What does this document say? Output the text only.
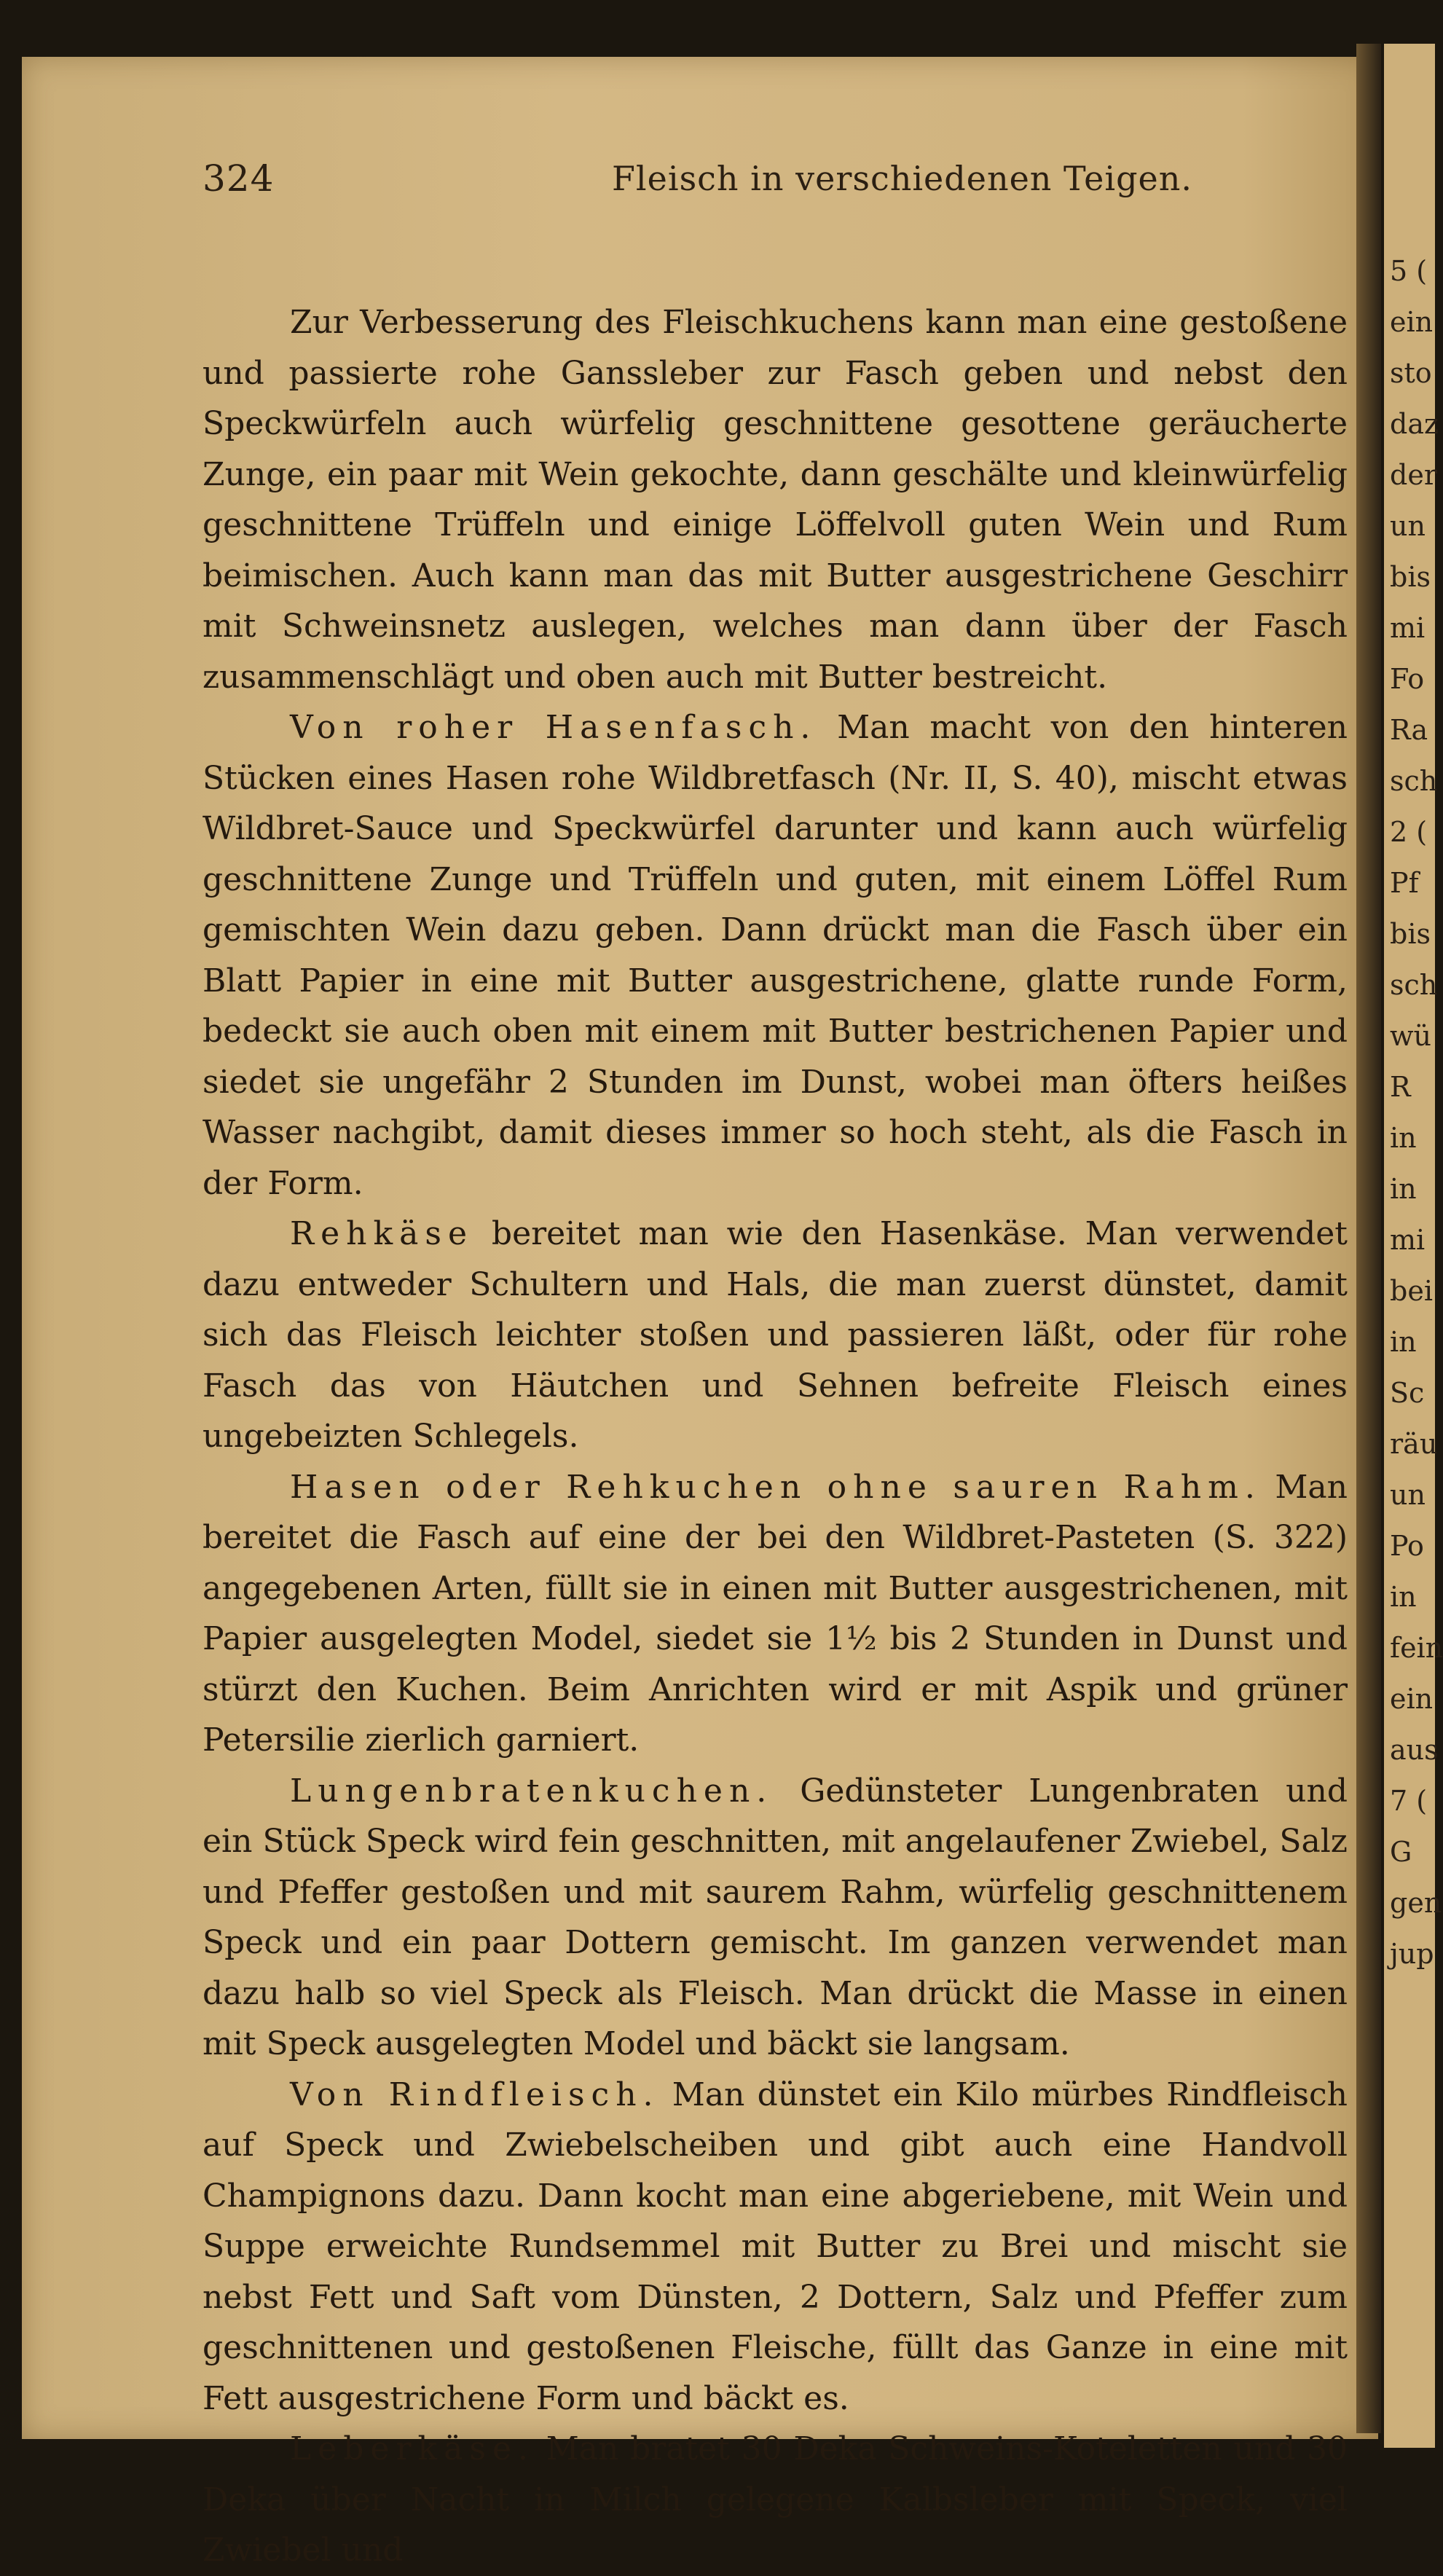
324	Fleisch in verschiedenen Teigen.

Zur Verbesserung des Fleischkuchens kann man eine gestoßene und passierte rohe Ganssleber zur Fasch geben und nebst den Speckwürfeln auch würfelig geschnittene gesottene geräucherte Zunge, ein paar mit Wein gekochte, dann geschälte und kleinwürfelig geschnittene Trüffeln und einige Löffelvoll guten Wein und Rum beimischen. Auch kann man das mit Butter ausgestrichene Geschirr mit Schweinsnetz auslegen, welches man dann über der Fasch zusammenschlägt und oben auch mit Butter bestreicht.

Von roher Hasenfasch. Man macht von den hinteren Stücken eines Hasen rohe Wildbretfasch (Nr. II, S. 40), mischt etwas Wildbret-Sauce und Speckwürfel darunter und kann auch würfelig geschnittene Zunge und Trüffeln und guten, mit einem Löffel Rum gemischten Wein dazu geben. Dann drückt man die Fasch über ein Blatt Papier in eine mit Butter ausgestrichene, glatte runde Form, bedeckt sie auch oben mit einem mit Butter bestrichenen Papier und siedet sie ungefähr 2 Stunden im Dunst, wobei man öfters heißes Wasser nachgibt, damit dieses immer so hoch steht, als die Fasch in der Form.

Rehkäse bereitet man wie den Hasenkäse. Man verwendet dazu entweder Schultern und Hals, die man zuerst dünstet, damit sich das Fleisch leichter stoßen und passieren läßt, oder für rohe Fasch das von Häutchen und Sehnen befreite Fleisch eines ungebeizten Schlegels.

Hasen oder Rehkuchen ohne sauren Rahm. Man bereitet die Fasch auf eine der bei den Wildbret-Pasteten (S. 322) angegebenen Arten, füllt sie in einen mit Butter ausgestrichenen, mit Papier ausgelegten Model, siedet sie 1½ bis 2 Stunden in Dunst und stürzt den Kuchen. Beim Anrichten wird er mit Aspik und grüner Petersilie zierlich garniert.

Lungenbratenkuchen. Gedünsteter Lungenbraten und ein Stück Speck wird fein geschnitten, mit angelaufener Zwiebel, Salz und Pfeffer gestoßen und mit saurem Rahm, würfelig geschnittenem Speck und ein paar Dottern gemischt. Im ganzen verwendet man dazu halb so viel Speck als Fleisch. Man drückt die Masse in einen mit Speck ausgelegten Model und bäckt sie langsam.

Von Rindfleisch. Man dünstet ein Kilo mürbes Rindfleisch auf Speck und Zwiebelscheiben und gibt auch eine Handvoll Champignons dazu. Dann kocht man eine abgeriebene, mit Wein und Suppe erweichte Rundsemmel mit Butter zu Brei und mischt sie nebst Fett und Saft vom Dünsten, 2 Dottern, Salz und Pfeffer zum geschnittenen und gestoßenen Fleische, füllt das Ganze in eine mit Fett ausgestrichene Form und bäckt es.

Leberkäse. Man bratet 30 Deka Schweins-Koteletten und 30 Deka über Nacht in Milch gelegene Kalbsleber mit Speck, viel Zwiebel und

5 (
ein
sto
daz
der
un
bis
mi
Fo
Ra
sch
2 (
Pf
bis
sch
wü
R
in
in
mi
bei
in
Sc
räu
un
Po
in
fein
ein
aus
7 (
G
gen
jup
